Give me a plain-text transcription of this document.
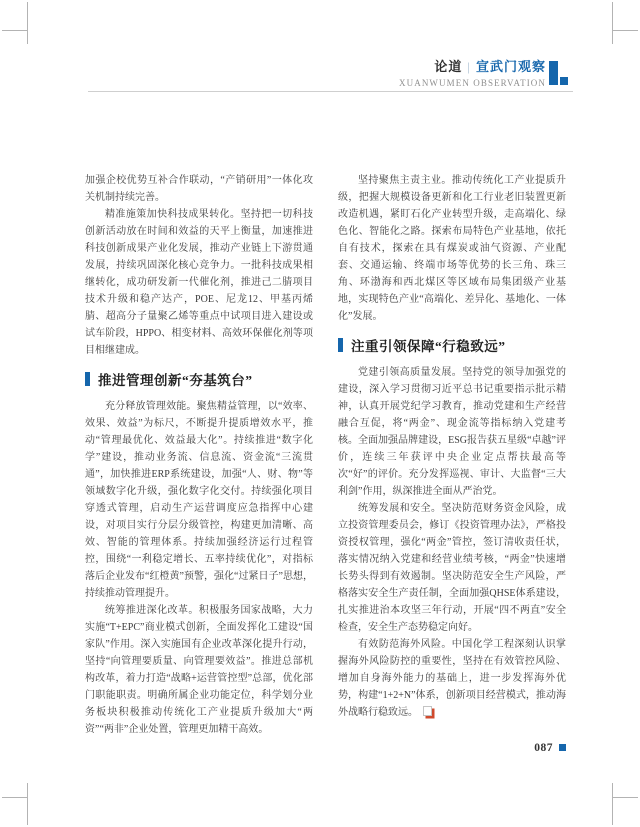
论道 | 宣武门观察
XUANWUMEN OBSERVATION

加强企校优势互补合作联动，“产销研用”一体化攻关机制持续完善。

精准施策加快科技成果转化。坚持把一切科技创新活动放在时间和效益的天平上衡量，加速推进科技创新成果产业化发展，推动产业链上下游贯通发展，持续巩固深化核心竞争力。一批科技成果相继转化，成功研发新一代催化剂，推进己二腈项目技术升级和稳产达产，POE、尼龙12、甲基丙烯腈、超高分子量聚乙烯等重点中试项目进入建设或试车阶段，HPPO、相变材料、高效环保催化剂等项目相继建成。

推进管理创新“夯基筑台”

充分释放管理效能。聚焦精益管理，以“效率、效果、效益”为标尺，不断提升提质增效水平，推动“管理最优化、效益最大化”。持续推进“数字化学”建设，推动业务流、信息流、资金流“三流贯通”，加快推进ERP系统建设，加强“人、财、物”等领域数字化升级，强化数字化交付。持续强化项目穿透式管理，启动生产运营调度应急指挥中心建设，对项目实行分层分级管控，构建更加清晰、高效、智能的管理体系。持续加强经济运行过程管控，围绕“一利稳定增长、五率持续优化”，对指标落后企业发布“红橙黄”预警，强化“过紧日子”思想，持续推动管理提升。

统筹推进深化改革。积极服务国家战略，大力实施“T+EPC”商业模式创新，全面发挥化工建设“国家队”作用。深入实施国有企业改革深化提升行动，坚持“向管理要质量、向管理要效益”。推进总部机构改革，着力打造“战略+运营管控型”总部，优化部门职能职责。明确所属企业功能定位，科学划分业务板块积极推动传统化工产业提质升级加大“两资”“两非”企业处置，管理更加精干高效。

坚持聚焦主责主业。推动传统化工产业提质升级，把握大规模设备更新和化工行业老旧装置更新改造机遇，紧盯石化产业转型升级，走高端化、绿色化、智能化之路。探索布局特色产业基地，依托自有技术，探索在具有煤炭或油气资源、产业配套、交通运输、终端市场等优势的长三角、珠三角、环渤海和西北煤区等区域布局集团级产业基地，实现特色产业“高端化、差异化、基地化、一体化”发展。

注重引领保障“行稳致远”

党建引领高质量发展。坚持党的领导加强党的建设，深入学习贯彻习近平总书记重要指示批示精神，认真开展党纪学习教育，推动党建和生产经营融合互促，将“两金”、现金流等指标纳入党建考核。全面加强品牌建设，ESG报告获五星级“卓越”评价，连续三年获评中央企业定点帮扶最高等次“好”的评价。充分发挥巡视、审计、大监督“三大利剑”作用，纵深推进全面从严治党。

统筹发展和安全。坚决防范财务资金风险，成立投资管理委员会，修订《投资管理办法》，严格投资授权管理，强化“两金”管控，签订清收责任状，落实情况纳入党建和经营业绩考核，“两金”快速增长势头得到有效遏制。坚决防范安全生产风险，严格落实安全生产责任制，全面加强QHSE体系建设，扎实推进治本攻坚三年行动，开展“四不两直”安全检查，安全生产态势稳定向好。

有效防范海外风险。中国化学工程深刻认识掌握海外风险防控的重要性，坚持在有效管控风险、增加自身海外能力的基础上，进一步发挥海外优势，构建“1+2+N”体系，创新项目经营模式，推动海外战略行稳致远。

087
